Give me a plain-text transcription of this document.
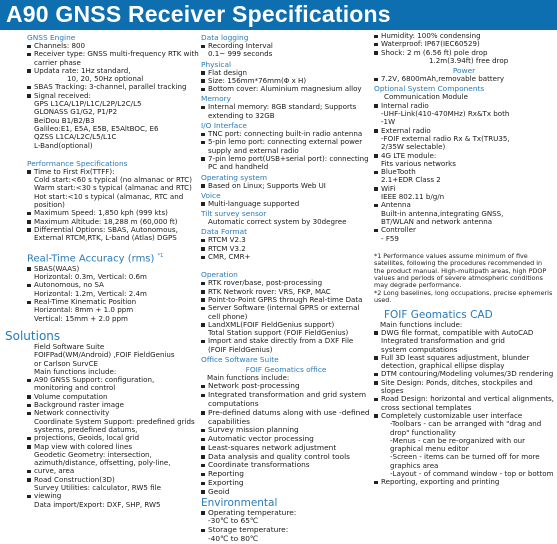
A90 GNSS Receiver Specifications
GNSS Engine
Channels: 800
Receiver type: GNSS multi-frequency RTK with carrier phase
Updata rate: 1Hz standard,
10, 20, 50Hz optional
SBAS Tracking: 3-channel, parallel tracking
Signal received:
GPS L1CA/L1P/L1C/L2P/L2C/L5
GLONASS G1/G2, P1/P2
BeiDou B1/B2/B3
Galileo:E1, E5A, E5B, E5AltBOC, E6
QZSS L1CA/L2C/L5/L1C
L-Band(optional)
Performance Specifications
Time to First Fix(TTFF):
Cold start:<60 s typical (no almanac or RTC)
Warm start:<30 s typical (almanac and RTC)
Hot start:<10 s typical (almanac, RTC and position)
Maximum Speed: 1,850 kph (999 kts)
Maximum Altitude: 18,288 m (60,000 ft)
Differential Options: SBAS, Autonomous, External RTCM,RTK, L-band (Atlas) DGPS
Real-Time Accuracy (rms) $^{*1}$
SBAS(WAAS)
Horizontal: 0.3m, Vertical: 0.6m
Autonomous, no SA
Horizontal: 1.2m, Vertical: 2.4m
Real-Time Kinematic Position
Horizontal: 8mm + 1.0 ppm
Vertical: 15mm + 2.0 ppm
Solutions
Field Software Suite
FOIFPad(WM/Android) ,FOIF FieldGenius
or Carlson SurvCE
Main functions include:
A90 GNSS Support: configuration,
monitoring and control
Volume computation
Background raster image
Network connectivity
Coordinate System Support: predefined grids systems, predefined datums,
projections, Geoids, local grid
Map view with colored lines
Geodetic Geometry: intersection, azimuth/distance, offsetting, poly-line,
curve, area
Road Construction(3D)
Survey Utilities: calculator, RW5 file
viewing
Data import/Export: DXF, SHP, RW5
Data logging
Recording Interval
0.1~ 999 seconds
Physical
Flat design
Size: 156mm*76mm(Φ x H)
Bottom cover: Aluminium magnesium alloy
Memory
Internal memory: 8GB standard; Supports extending to 32GB
I/O Interface
TNC port: connecting built-in radio antenna
5-pin lemo port: connecting external power supply and external radio
7-pin lemo port(USB+serial port): connecting PC and handheld
Operating system
Based on Linux; Supports Web UI
Voice
Multi-language supported
Tilt survey sensor
Automatic correct system by 30degree
Data Format
RTCM V2.3
RTCM V3.2
CMR, CMR+
Operation
RTK rover/base, post-processing
RTK Network rover: VRS, FKP, MAC
Point-to-Point GPRS through Real-time Data
Server Software (internal GPRS or external cell phone)
LandXML(FOIF FieldGenius support)
Total Station support (FOIF FieldGenius)
Import and stake directly from a DXF File (FOIF FieldGenius)
Office Software Suite
FOIF Geomatics office
Main functions include:
Network post-processing
Integrated transformation and grid system computations
Pre-defined datums along with use -defined capabilities
Survey mission planning
Automatic vector processing
Least-squares network adjustment
Data analysis and quality control tools
Coordinate transformations
Reporting
Exporting
Geoid
Environmental
Operating temperature:
-30℃ to 65℃
Storage temperature:
-40℃ to 80℃
Humidity: 100% condensing
Waterproof: IP67(IEC60529)
Shock: 2 m (6.56 ft) pole drop
1.2m(3.94ft) free drop
Power
7.2V, 6800mAh,removable battery
Optional System Components
Communication Module
Internal radio
-UHF-Link(410-470MHz) Rx&Tx both
-1W
External radio
-FOIF external radio Rx & Tx(TRU35,
2/35W selectable)
4G LTE module:
Fits various networks
BlueTooth
2.1+EDR Class 2
WiFi
IEEE 802.11 b/g/n
Antenna
Built-in antenna,integrating GNSS,
BT/WLAN and network antenna
Controller
- F59
*1 Performance values assume minimum of five satellites, following the procedures recommended in the product manual. High-multipath areas, high PDOP values and periods of severe atmospheric conditions may degrade performance.
*2 Long baselines, long occupations, precise ephemeris used.
FOIF Geomatics CAD
Main functions include:
DWG file format, compatible with AutoCAD
Integrated transformation and grid
system computations
Full 3D least squares adjustment, blunder detection, graphical ellipse display
DTM contouring/Modeling volumes/3D rendering
Site Design: Ponds, ditches, stockpiles and slopes
Road Design: horizontal and vertical alignments, cross sectional templates
Completely customizable user interface
-Toolbars - can be arranged with "drag and drop" functionality
-Menus - can be re-organized with our graphical menu editor
-Screen - items can be turned off for more graphics area
-Layout - of command window - top or bottom
Reporting, exporting and printing
